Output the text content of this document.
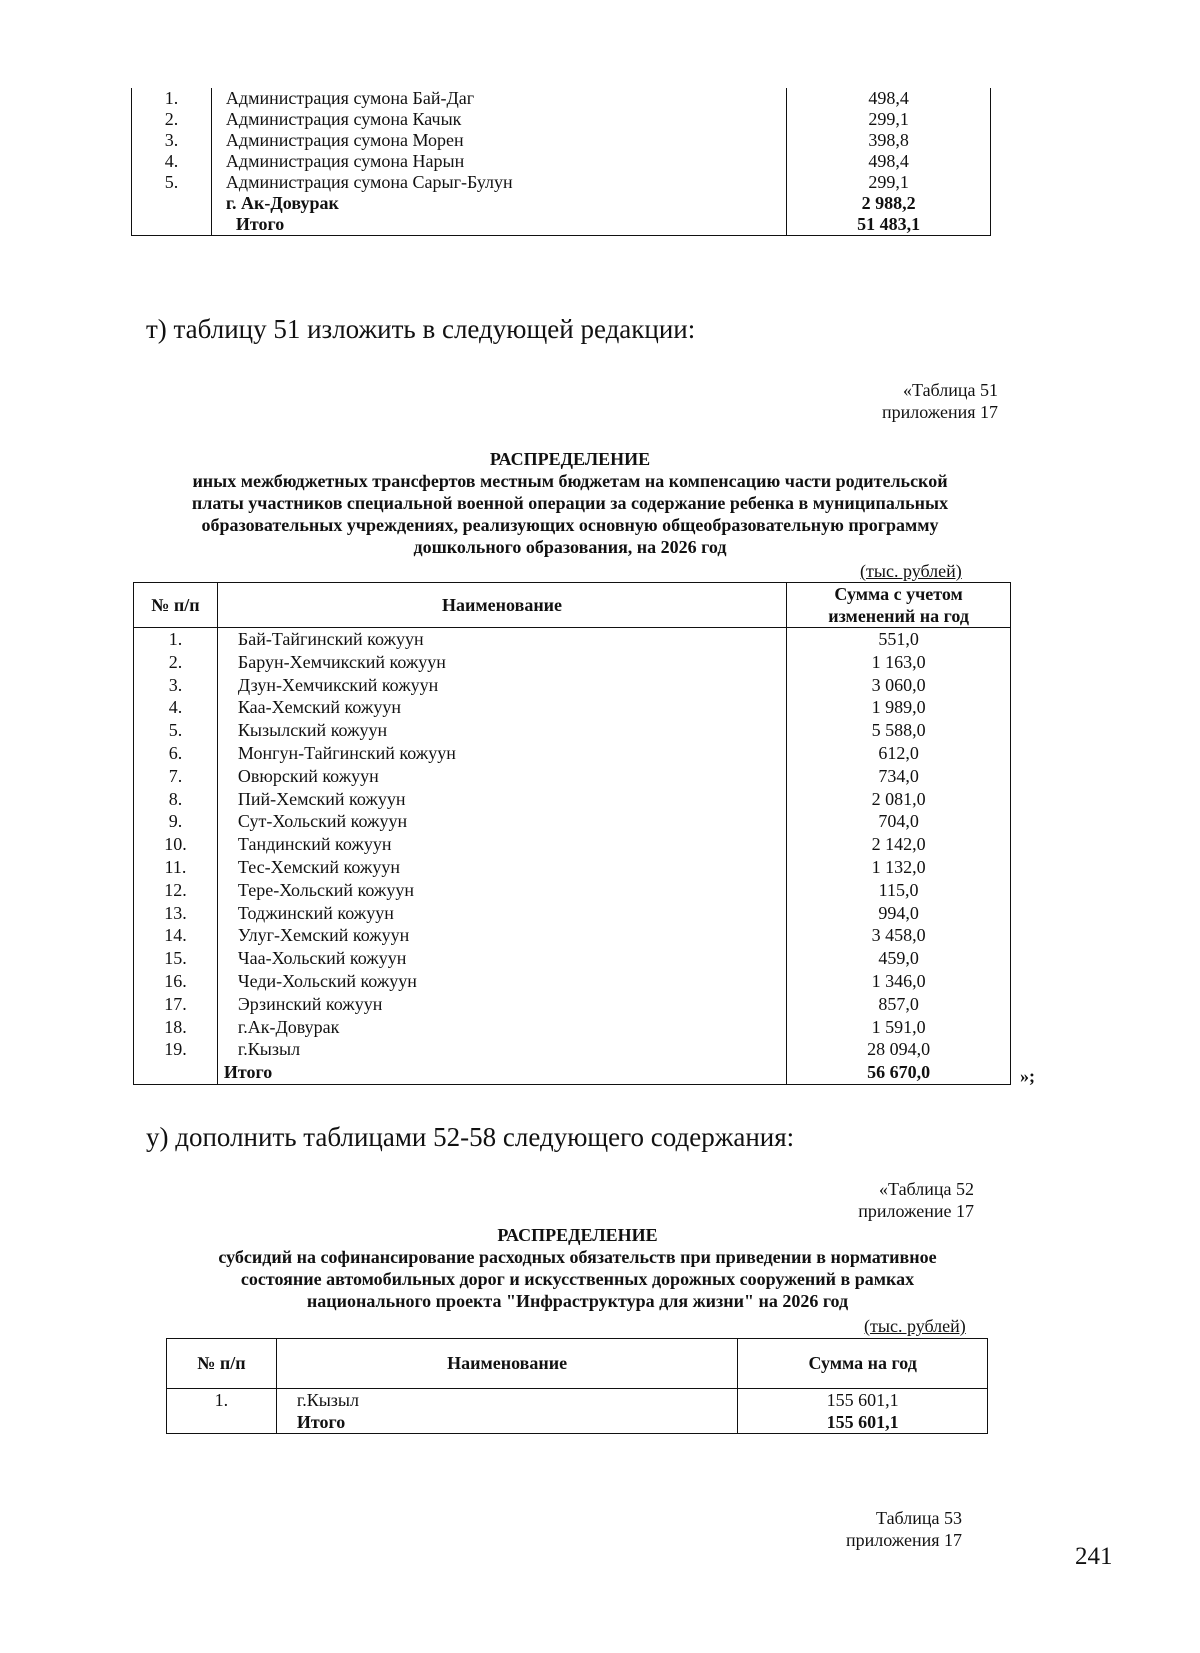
1.	Администрация сумона Бай-Даг	498,4
2.	Администрация сумона Качык	299,1
3.	Администрация сумона Морен	398,8
4.	Администрация сумона Нарын	498,4
5.	Администрация сумона Сарыг-Булун	299,1
	г. Ак-Довурак	2 988,2
	Итого	51 483,1

т) таблицу 51 изложить в следующей редакции:
«Таблица 51
приложения 17
РАСПРЕДЕЛЕНИЕ
иных межбюджетных трансфертов местным бюджетам на компенсацию части родительской
платы участников специальной военной операции за содержание ребенка в муниципальных
образовательных учреждениях, реализующих основную общеобразовательную программу
дошкольного образования, на 2026 год
(тыс. рублей)
№ п/п	Наименование	Сумма с учетом
изменений на год

1.	Бай-Тайгинский кожуун	551,0
2.	Барун-Хемчикский кожуун	1 163,0
3.	Дзун-Хемчикский кожуун	3 060,0
4.	Каа-Хемский кожуун	1 989,0
5.	Кызылский кожуун	5 588,0
6.	Монгун-Тайгинский кожуун	612,0
7.	Овюрский кожуун	734,0
8.	Пий-Хемский кожуун	2 081,0
9.	Сут-Хольский кожуун	704,0
10.	Тандинский кожуун	2 142,0
11.	Тес-Хемский кожуун	1 132,0
12.	Тере-Хольский кожуун	115,0
13.	Тоджинский кожуун	994,0
14.	Улуг-Хемский кожуун	3 458,0
15.	Чаа-Хольский кожуун	459,0
16.	Чеди-Хольский кожуун	1 346,0
17.	Эрзинский кожуун	857,0
18.	г.Ак-Довурак	1 591,0
19.	г.Кызыл	28 094,0
	Итого	56 670,0	»;
у) дополнить таблицами 52-58 следующего содержания:
«Таблица 52
приложение 17
РАСПРЕДЕЛЕНИЕ
субсидий на софинансирование расходных обязательств при приведении в нормативное
состояние автомобильных дорог и искусственных дорожных сооружений в рамках
национального проекта "Инфраструктура для жизни" на 2026 год
(тыс. рублей)
№ п/п	Наименование	Сумма на год
1.	г.Кызыл	155 601,1
	Итого	155 601,1
Таблица 53
приложения 17
241
